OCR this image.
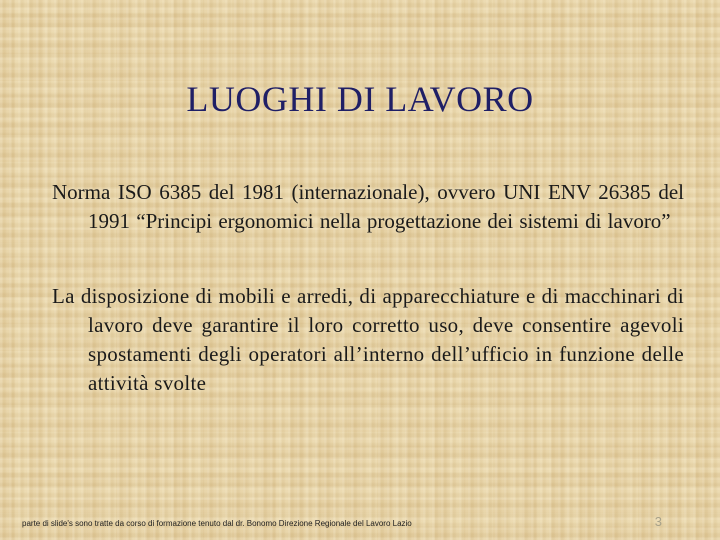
LUOGHI DI LAVORO

Norma ISO 6385 del 1981 (internazionale), ovvero UNI ENV 26385 del 1991 “Principi ergonomici nella progettazione dei sistemi di lavoro”

La disposizione di mobili e arredi, di apparecchiature e di macchinari di lavoro deve garantire il loro corretto uso, deve consentire agevoli spostamenti degli operatori all’interno dell’ufficio in funzione delle attività svolte

parte di slide's sono tratte da corso di formazione tenuto dal dr. Bonomo Direzione Regionale del Lavoro Lazio	3
